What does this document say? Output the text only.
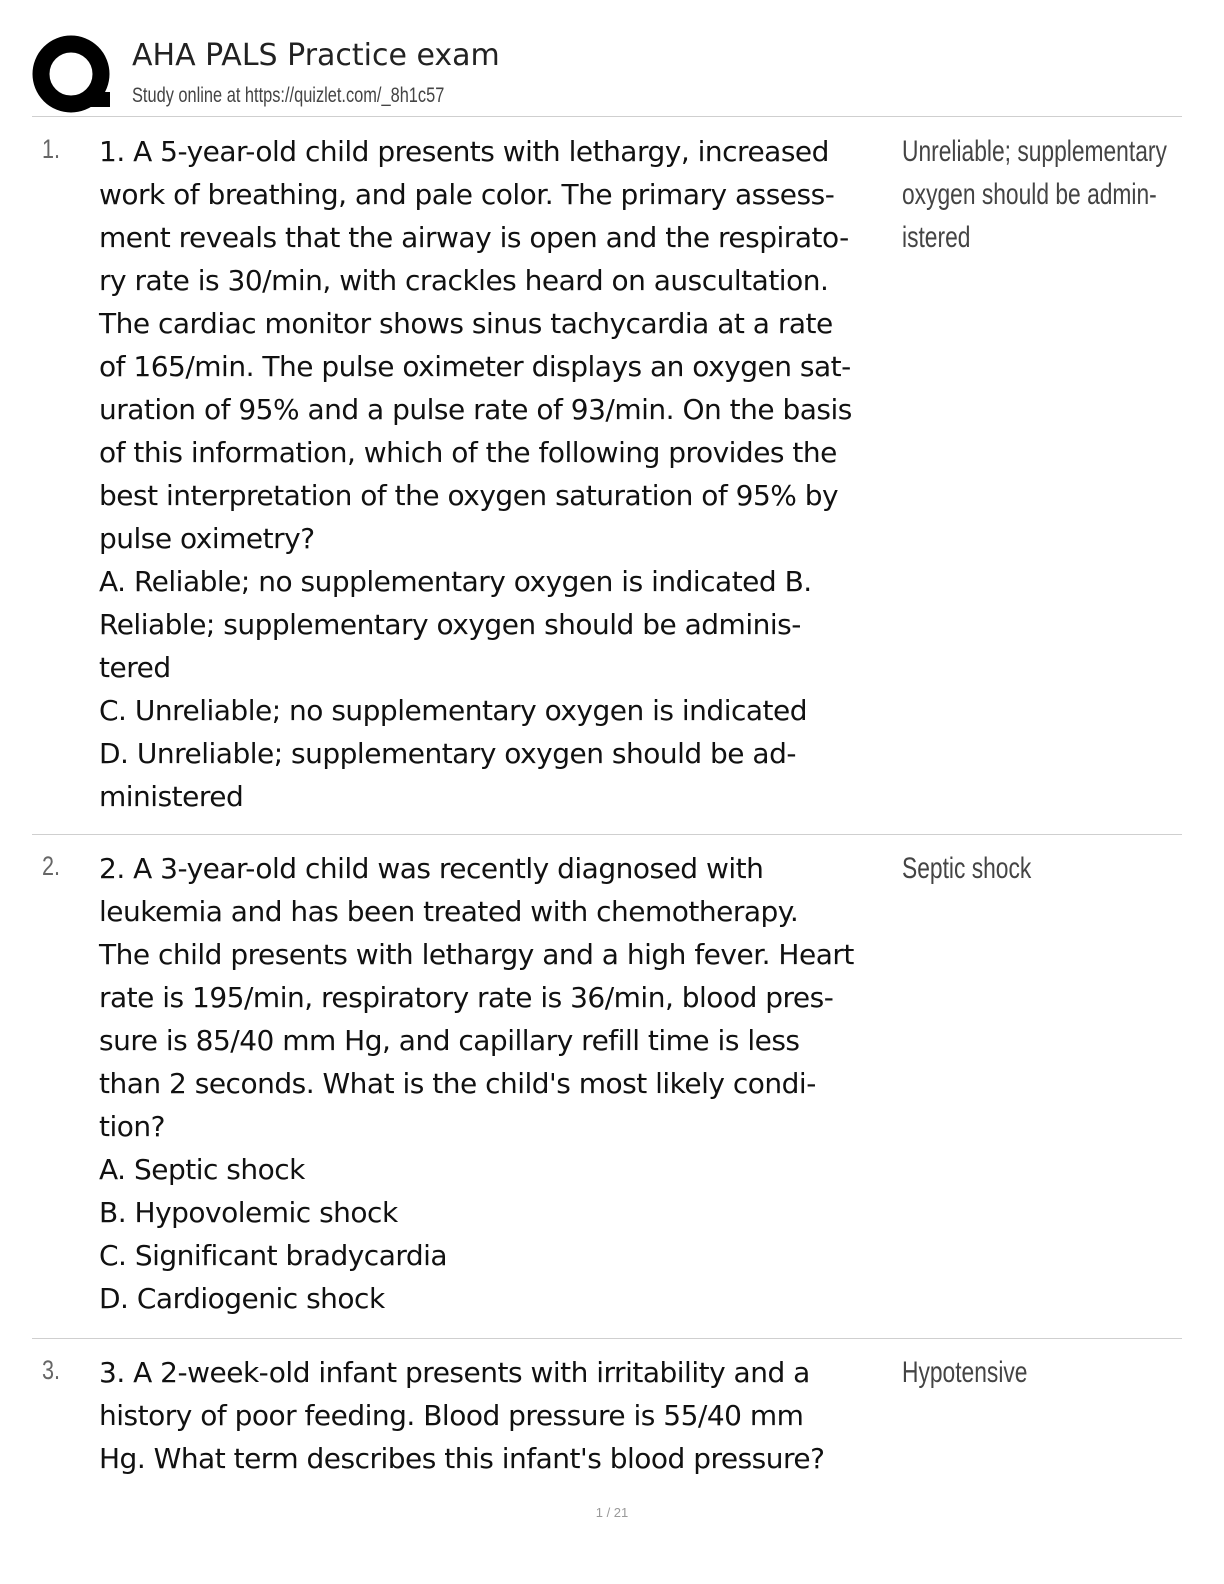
AHA PALS Practice exam
Study online at https://quizlet.com/_8h1c57
1. 1. A 5-year-old child presents with lethargy, increased
work of breathing, and pale color. The primary assess-
ment reveals that the airway is open and the respirato-
ry rate is 30/min, with crackles heard on auscultation.
The cardiac monitor shows sinus tachycardia at a rate
of 165/min. The pulse oximeter displays an oxygen sat-
uration of 95% and a pulse rate of 93/min. On the basis
of this information, which of the following provides the
best interpretation of the oxygen saturation of 95% by
pulse oximetry?
A. Reliable; no supplementary oxygen is indicated B.
Reliable; supplementary oxygen should be adminis-
tered
C. Unreliable; no supplementary oxygen is indicated
D. Unreliable; supplementary oxygen should be ad-
ministered
Unreliable; supplementary
oxygen should be admin-
istered
2. 2. A 3-year-old child was recently diagnosed with
leukemia and has been treated with chemotherapy.
The child presents with lethargy and a high fever. Heart
rate is 195/min, respiratory rate is 36/min, blood pres-
sure is 85/40 mm Hg, and capillary refill time is less
than 2 seconds. What is the child's most likely condi-
tion?
A. Septic shock
B. Hypovolemic shock
C. Significant bradycardia
D. Cardiogenic shock
Septic shock
3. 3. A 2-week-old infant presents with irritability and a
history of poor feeding. Blood pressure is 55/40 mm
Hg. What term describes this infant's blood pressure?
Hypotensive
1 / 21
